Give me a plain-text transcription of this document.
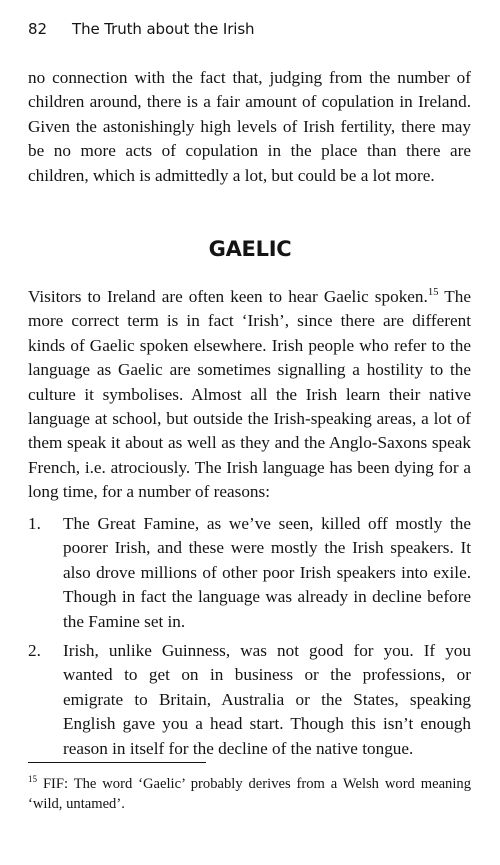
82 The Truth about the Irish

no connection with the fact that, judging from the number of children around, there is a fair amount of copulation in Ireland. Given the astonishingly high levels of Irish fertility, there may be no more acts of copulation in the place than there are children, which is admittedly a lot, but could be a lot more.

GAELIC

Visitors to Ireland are often keen to hear Gaelic spoken.$^{15}$ The more correct term is in fact ‘Irish’, since there are different kinds of Gaelic spoken elsewhere. Irish people who refer to the language as Gaelic are sometimes signalling a hostility to the culture it symbolises. Almost all the Irish learn their native language at school, but outside the Irish-speaking areas, a lot of them speak it about as well as they and the Anglo-Saxons speak French, i.e. atrociously. The Irish language has been dying for a long time, for a number of reasons:

1. The Great Famine, as we’ve seen, killed off mostly the poorer Irish, and these were mostly the Irish speakers. It also drove millions of other poor Irish speakers into exile. Though in fact the language was already in decline before the Famine set in.
2. Irish, unlike Guinness, was not good for you. If you wanted to get on in business or the professions, or emigrate to Britain, Australia or the States, speaking English gave you a head start. Though this isn’t enough reason in itself for the decline of the native tongue.

$^{15}$ FIF: The word ‘Gaelic’ probably derives from a Welsh word meaning ‘wild, untamed’.
